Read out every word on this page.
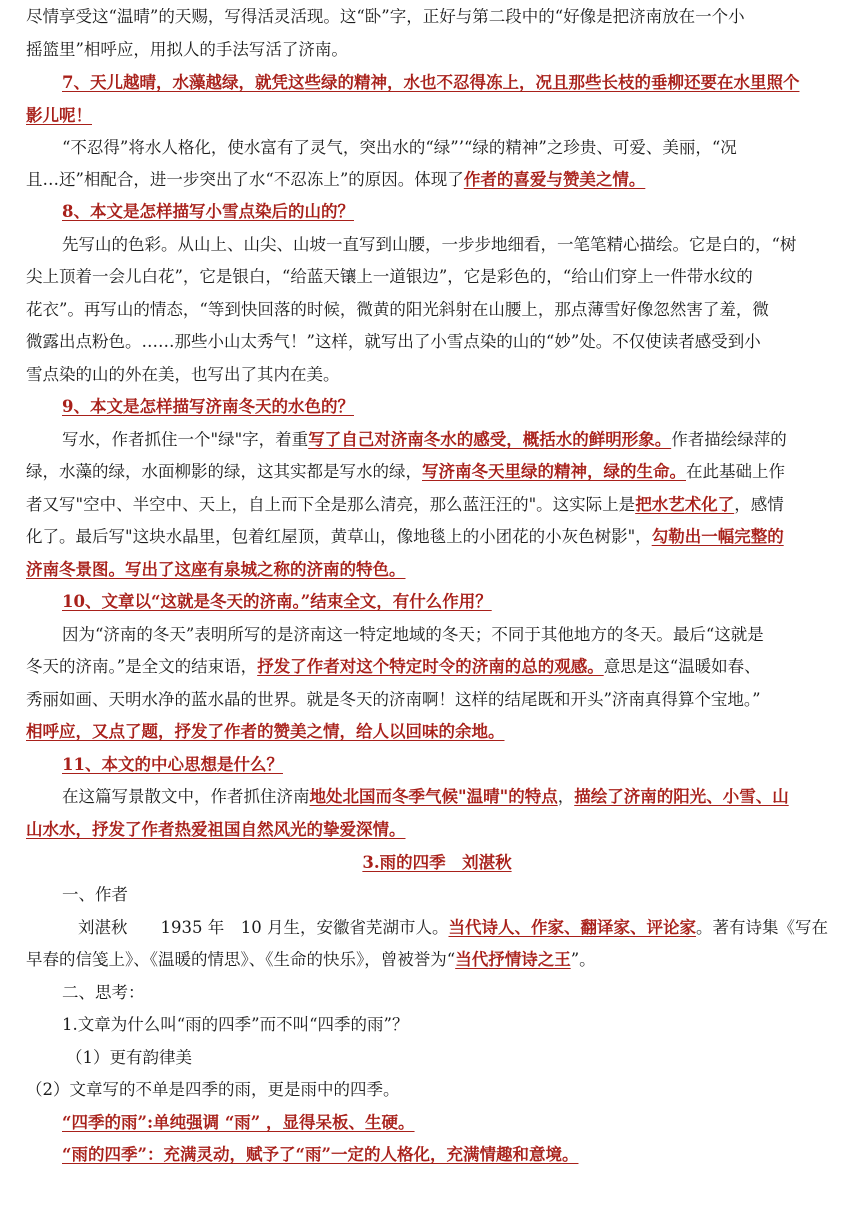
尽情享受这“温晴”的天赐，写得活灵活现。这“卧”字，正好与第二段中的“好像是把济南放在一个小
摇篮里”相呼应，用拟人的手法写活了济南。
7、天儿越晴，水藻越绿，就凭这些绿的精神，水也不忍得冻上，况且那些长枝的垂柳还要在水里照个
影儿呢！
“不忍得”将水人格化，使水富有了灵气，突出水的“绿”’“绿的精神”之珍贵、可爱、美丽，“况
且…还”相配合，进一步突出了水“不忍冻上”的原因。体现了作者的喜爱与赞美之情。
8、本文是怎样描写小雪点染后的山的？
先写山的色彩。从山上、山尖、山坡一直写到山腰，一步步地细看，一笔笔精心描绘。它是白的，“树
尖上顶着一会儿白花”，它是银白，“给蓝天镶上一道银边”，它是彩色的，“给山们穿上一件带水纹的
花衣”。再写山的情态，“等到快回落的时候，微黄的阳光斜射在山腰上，那点薄雪好像忽然害了羞，微
微露出点粉色。……那些小山太秀气！”这样，就写出了小雪点染的山的“妙”处。不仅使读者感受到小
雪点染的山的外在美，也写出了其内在美。
9、本文是怎样描写济南冬天的水色的？
写水，作者抓住一个"绿"字，着重写了自己对济南冬水的感受，概括水的鲜明形象。作者描绘绿萍的
绿，水藻的绿，水面柳影的绿，这其实都是写水的绿，写济南冬天里绿的精神，绿的生命。在此基础上作
者又写"空中、半空中、天上，自上而下全是那么清亮，那么蓝汪汪的"。这实际上是把水艺术化了，感情
化了。最后写"这块水晶里，包着红屋顶，黄草山，像地毯上的小团花的小灰色树影"，勾勒出一幅完整的
济南冬景图。写出了这座有泉城之称的济南的特色。
10、文章以“这就是冬天的济南。”结束全文，有什么作用？
因为“济南的冬天”表明所写的是济南这一特定地域的冬天；不同于其他地方的冬天。最后“这就是
冬天的济南。”是全文的结束语，抒发了作者对这个特定时令的济南的总的观感。意思是这“温暖如春、
秀丽如画、天明水净的蓝水晶的世界。就是冬天的济南啊！这样的结尾既和开头”济南真得算个宝地。”
相呼应，又点了题，抒发了作者的赞美之情，给人以回味的余地。
11、本文的中心思想是什么？
在这篇写景散文中，作者抓住济南地处北国而冬季气候"温晴"的特点，描绘了济南的阳光、小雪、山
山水水，抒发了作者热爱祖国自然风光的挚爱深情。
3.雨的四季　刘湛秋
一、作者
刘湛秋　　1935 年　10 月生，安徽省芜湖市人。当代诗人、作家、翻译家、评论家。著有诗集《写在
早春的信笺上》、《温暖的情思》、《生命的快乐》，曾被誉为“当代抒情诗之王”。
二、思考：
1.文章为什么叫“雨的四季”而不叫“四季的雨”？
（1）更有韵律美
（2）文章写的不单是四季的雨，更是雨中的四季。
“四季的雨”:单纯强调 “雨” ，显得呆板、生硬。
“雨的四季”：充满灵动，赋予了“雨”一定的人格化，充满情趣和意境。
